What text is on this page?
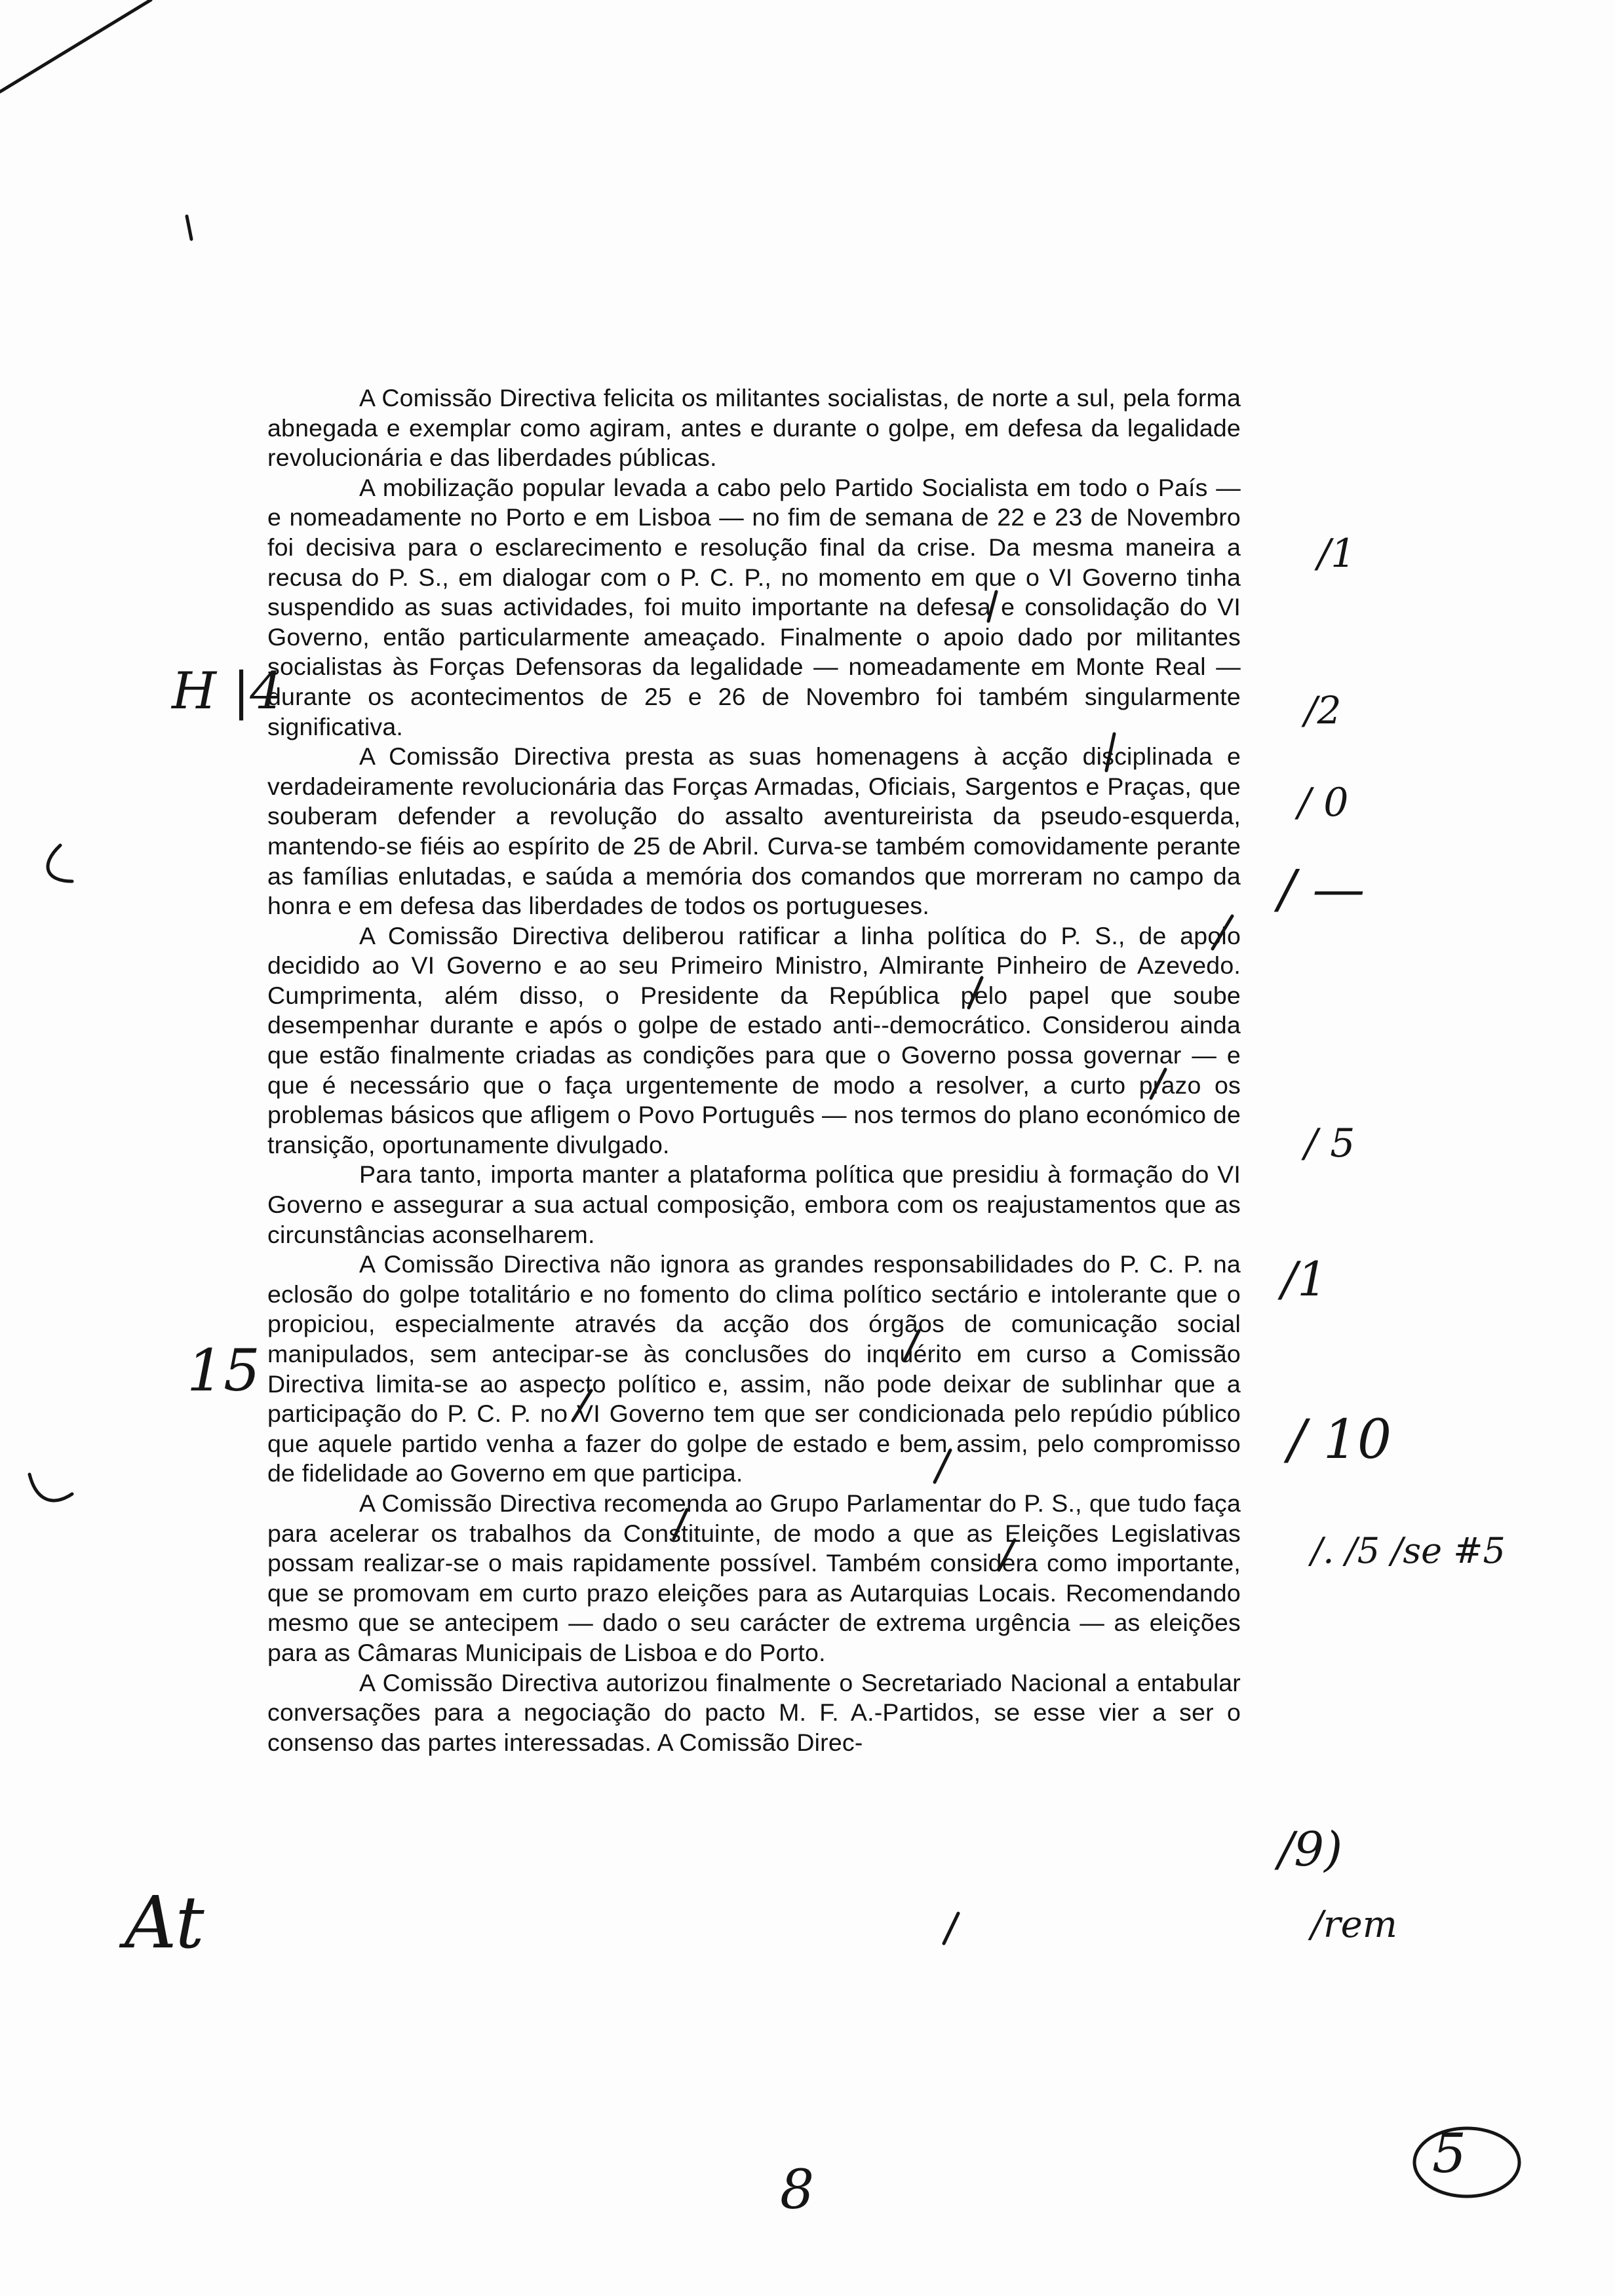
A Comissão Directiva felicita os militantes socialistas, de norte a sul, pela forma abnegada e exemplar como agiram, antes e durante o golpe, em defesa da legalidade revolucionária e das liberdades públicas.

A mobilização popular levada a cabo pelo Partido Socialista em todo o País — e nomeadamente no Porto e em Lisboa — no fim de semana de 22 e 23 de Novembro foi decisiva para o esclarecimento e resolução final da crise. Da mesma maneira a recusa do P. S., em dialogar com o P. C. P., no momento em que o VI Governo tinha suspendido as suas actividades, foi muito importante na defesa e consolidação do VI Governo, então particularmente ameaçado. Finalmente o apoio dado por militantes socialistas às Forças Defensoras da legalidade — nomeadamente em Monte Real — durante os acontecimentos de 25 e 26 de Novembro foi também singularmente significativa.

A Comissão Directiva presta as suas homenagens à acção disciplinada e verdadeiramente revolucionária das Forças Armadas, Oficiais, Sargentos e Praças, que souberam defender a revolução do assalto aventureirista da pseudo-esquerda, mantendo-se fiéis ao espírito de 25 de Abril. Curva-se também comovidamente perante as famílias enlutadas, e saúda a memória dos comandos que morreram no campo da honra e em defesa das liberdades de todos os portugueses.

A Comissão Directiva deliberou ratificar a linha política do P. S., de apoio decidido ao VI Governo e ao seu Primeiro Ministro, Almirante Pinheiro de Azevedo. Cumprimenta, além disso, o Presidente da República pelo papel que soube desempenhar durante e após o golpe de estado anti--democrático. Considerou ainda que estão finalmente criadas as condições para que o Governo possa governar — e que é necessário que o faça urgentemente de modo a resolver, a curto prazo os problemas básicos que afligem o Povo Português — nos termos do plano económico de transição, oportunamente divulgado.

Para tanto, importa manter a plataforma política que presidiu à formação do VI Governo e assegurar a sua actual composição, embora com os reajustamentos que as circunstâncias aconselharem.

A Comissão Directiva não ignora as grandes responsabilidades do P. C. P. na eclosão do golpe totalitário e no fomento do clima político sectário e intolerante que o propiciou, especialmente através da acção dos órgãos de comunicação social manipulados, sem antecipar-se às conclusões do inquérito em curso a Comissão Directiva limita-se ao aspecto político e, assim, não pode deixar de sublinhar que a participação do P. C. P. no VI Governo tem que ser condicionada pelo repúdio público que aquele partido venha a fazer do golpe de estado e bem assim, pelo compromisso de fidelidade ao Governo em que participa.

A Comissão Directiva recomenda ao Grupo Parlamentar do P. S., que tudo faça para acelerar os trabalhos da Constituinte, de modo a que as Eleições Legislativas possam realizar-se o mais rapidamente possível. Também considera como importante, que se promovam em curto prazo eleições para as Autarquias Locais. Recomendando mesmo que se antecipem — dado o seu carácter de extrema urgência — as eleições para as Câmaras Municipais de Lisboa e do Porto.

A Comissão Directiva autorizou finalmente o Secretariado Nacional a entabular conversações para a negociação do pacto M. F. A.-Partidos, se esse vier a ser o consenso das partes interessadas. A Comissão Direc-

H |4
15
At
/1
/2
/ 0
/ —
/ 5
/1
/ 10
/. /5 /se #5
/9)
/rem
8
5
